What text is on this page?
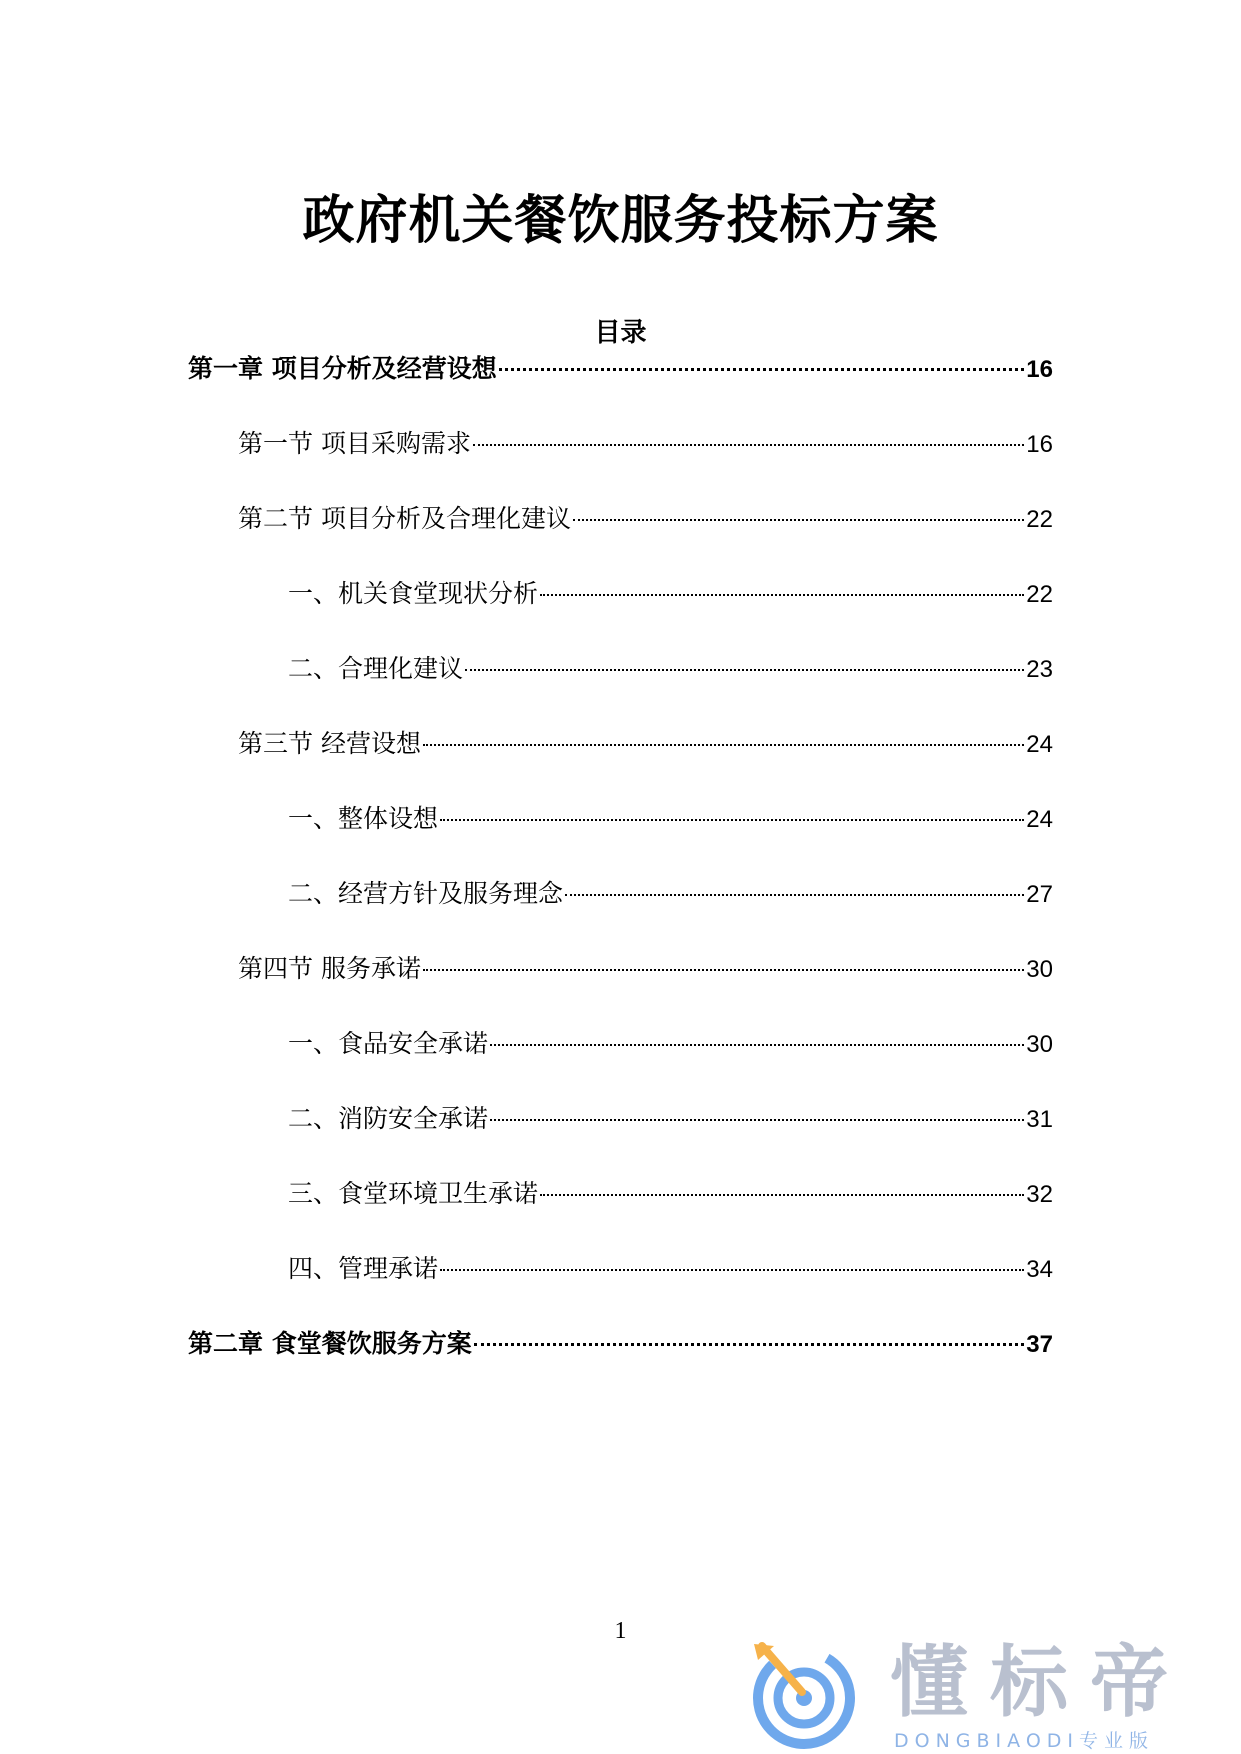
政府机关餐饮服务投标方案
目录
第一章 项目分析及经营设想	16
第一节 项目采购需求	16
第二节 项目分析及合理化建议	22
一、机关食堂现状分析	22
二、合理化建议	23
第三节 经营设想	24
一、整体设想	24
二、经营方针及服务理念	27
第四节 服务承诺	30
一、食品安全承诺	30
二、消防安全承诺	31
三、食堂环境卫生承诺	32
四、管理承诺	34
第二章 食堂餐饮服务方案	37
1
懂标帝
DONGBIAODI专业版
